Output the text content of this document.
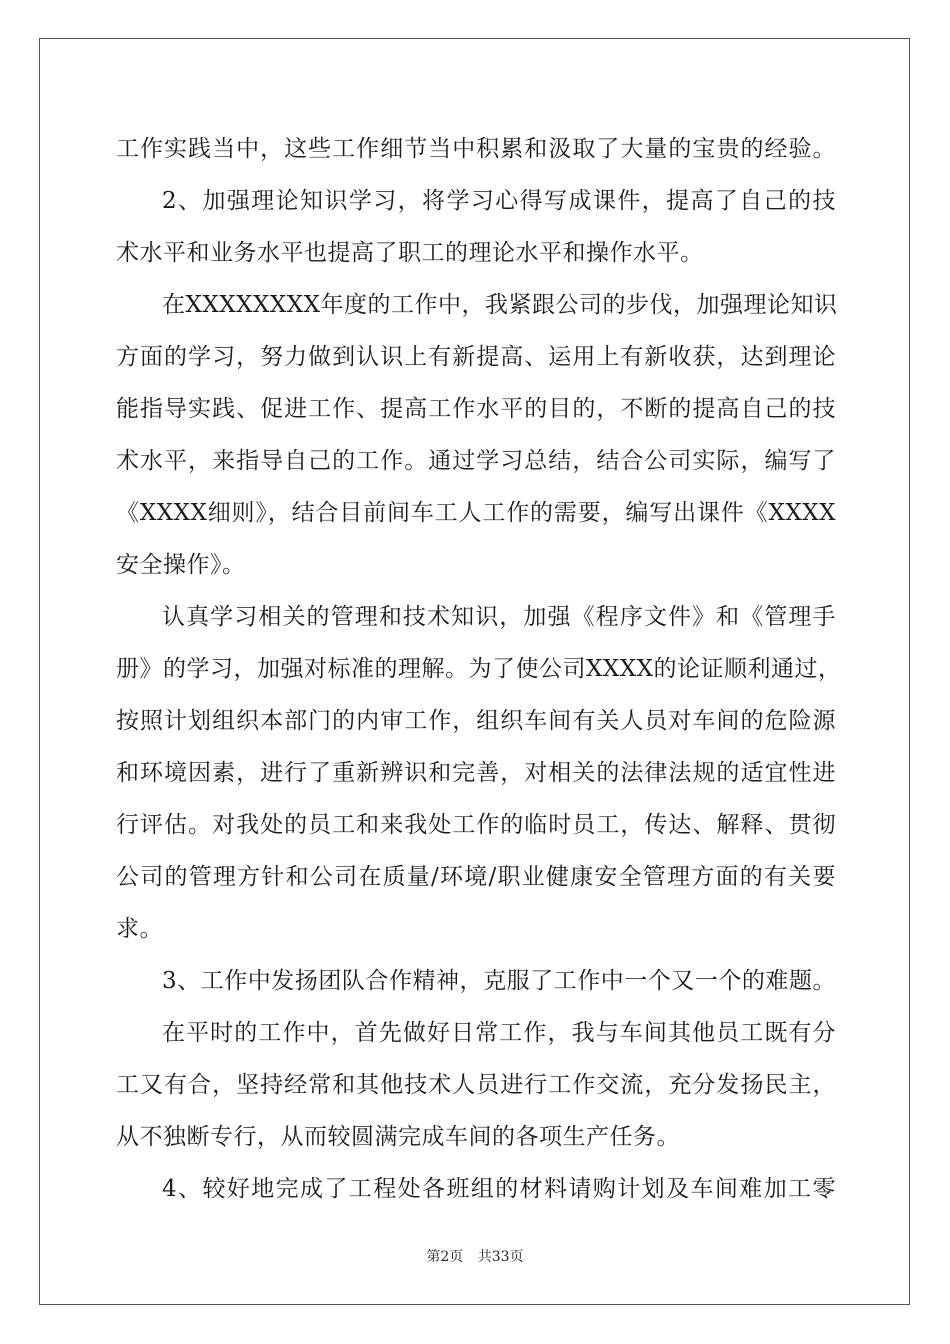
工作实践当中，这些工作细节当中积累和汲取了大量的宝贵的经验。
2、加强理论知识学习，将学习心得写成课件，提高了自己的技
术水平和业务水平也提高了职工的理论水平和操作水平。
在XXXXXXXX年度的工作中，我紧跟公司的步伐，加强理论知识
方面的学习，努力做到认识上有新提高、运用上有新收获，达到理论
能指导实践、促进工作、提高工作水平的目的，不断的提高自己的技
术水平，来指导自己的工作。通过学习总结，结合公司实际，编写了
《XXXX细则》，结合目前间车工人工作的需要，编写出课件《XXXX
安全操作》。
认真学习相关的管理和技术知识，加强《程序文件》和《管理手
册》的学习，加强对标准的理解。为了使公司XXXX的论证顺利通过，
按照计划组织本部门的内审工作，组织车间有关人员对车间的危险源
和环境因素，进行了重新辨识和完善，对相关的法律法规的适宜性进
行评估。对我处的员工和来我处工作的临时员工，传达、解释、贯彻
公司的管理方针和公司在质量/环境/职业健康安全管理方面的有关要
求。
3、工作中发扬团队合作精神，克服了工作中一个又一个的难题。
在平时的工作中，首先做好日常工作，我与车间其他员工既有分
工又有合，坚持经常和其他技术人员进行工作交流，充分发扬民主，
从不独断专行，从而较圆满完成车间的各项生产任务。
4、较好地完成了工程处各班组的材料请购计划及车间难加工零
第2页 共33页
